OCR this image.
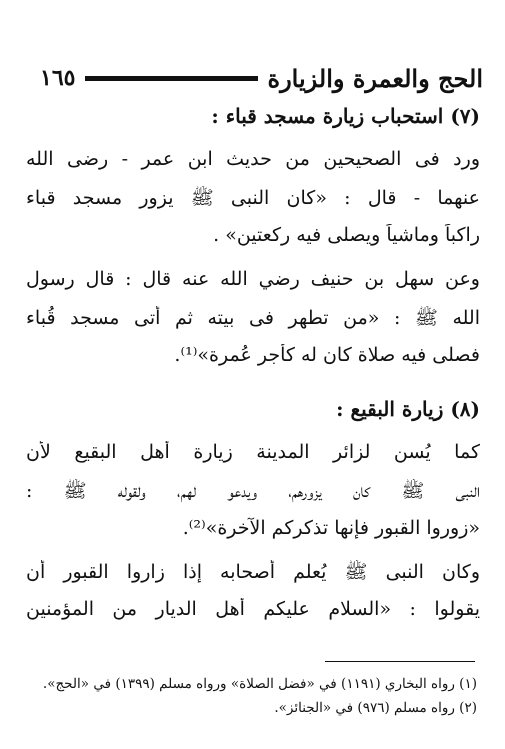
الحج والعمرة والزيارة
١٦٥
(٧) استحباب زيارة مسجد قباء :
ورد فى الصحيحين من حديث ابن عمر - رضى الله
عنهما - قال : «كان النبى ﷺ يزور مسجد قباء
راكباً وماشياً ويصلى فيه ركعتين» .
وعن سهل بن حنيف رضي الله عنه قال : قال رسول
الله ﷺ : «من تطهر فى بيته ثم أتى مسجد قُباء
فصلى فيه صلاة كان له كأجر عُمرة»⁽¹⁾.
(٨) زيارة البقيع :
كما يُسن لزائر المدينة زيارة أهل البقيع لأن
النبى ﷺ كان يزورهم، ويدعو لهم، ولقوله ﷺ :
«زوروا القبور فإنها تذكركم الآخرة»⁽²⁾.
وكان النبى ﷺ يُعلم أصحابه إذا زاروا القبور أن
يقولوا : «السلام عليكم أهل الديار من المؤمنين
(١) رواه البخاري (١١٩١) في «فضل الصلاة» ورواه مسلم (١٣٩٩) في «الحج».
(٢) رواه مسلم (٩٧٦) في «الجنائز».
